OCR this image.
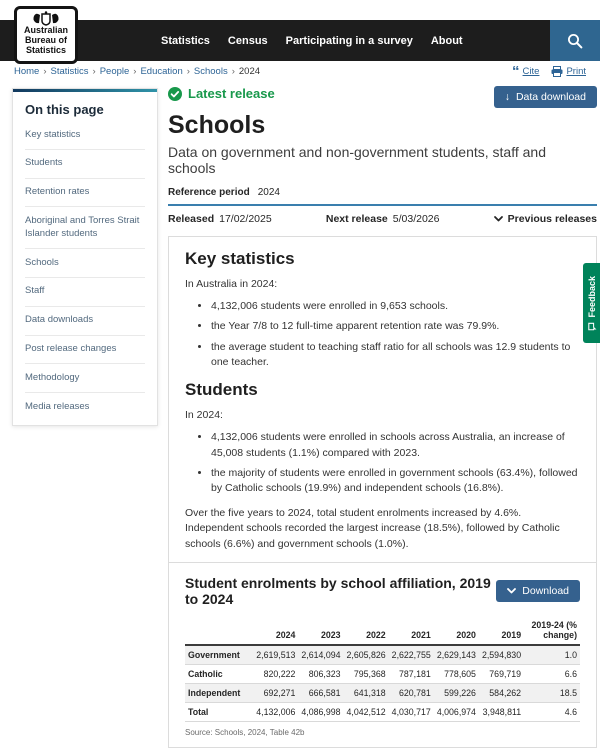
Statistics Census Participating in a survey About
Australian
Bureau of
Statistics
Home › Statistics › People › Education › Schools › 2024	“ Cite	Print
On this page
Key statistics
Students
Retention rates
Aboriginal and Torres Strait Islander students
Schools
Staff
Data downloads
Post release changes
Methodology
Media releases
Latest release	↓ Data download
Schools
Data on government and non-government students, staff and schools
Reference period 2024
Released 17/02/2025	Next release 5/03/2026	Previous releases
Key statistics

In Australia in 2024:

• 4,132,006 students were enrolled in 9,653 schools.
• the Year 7/8 to 12 full-time apparent retention rate was 79.9%.
• the average student to teaching staff ratio for all schools was 12.9 students to one teacher.
Students

In 2024:

• 4,132,006 students were enrolled in schools across Australia, an increase of 45,008 students (1.1%) compared with 2023.
• the majority of students were enrolled in government schools (63.4%), followed by Catholic schools (19.9%) and independent schools (16.8%).

Over the five years to 2024, total student enrolments increased by 4.6%. Independent schools recorded the largest increase (18.5%), followed by Catholic schools (6.6%) and government schools (1.0%).

Student enrolments by school affiliation, 2019 to 2024	Download
	2024	2023	2022	2021	2020	2019	2019-24 (% change)
Government	2,619,513	2,614,094	2,605,826	2,622,755	2,629,143	2,594,830	1.0
Catholic	820,222	806,323	795,368	787,181	778,605	769,719	6.6
Independent	692,271	666,581	641,318	620,781	599,226	584,262	18.5
Total	4,132,006	4,086,998	4,042,512	4,030,717	4,006,974	3,948,811	4.6
Source: Schools, 2024, Table 42b
Feedback
